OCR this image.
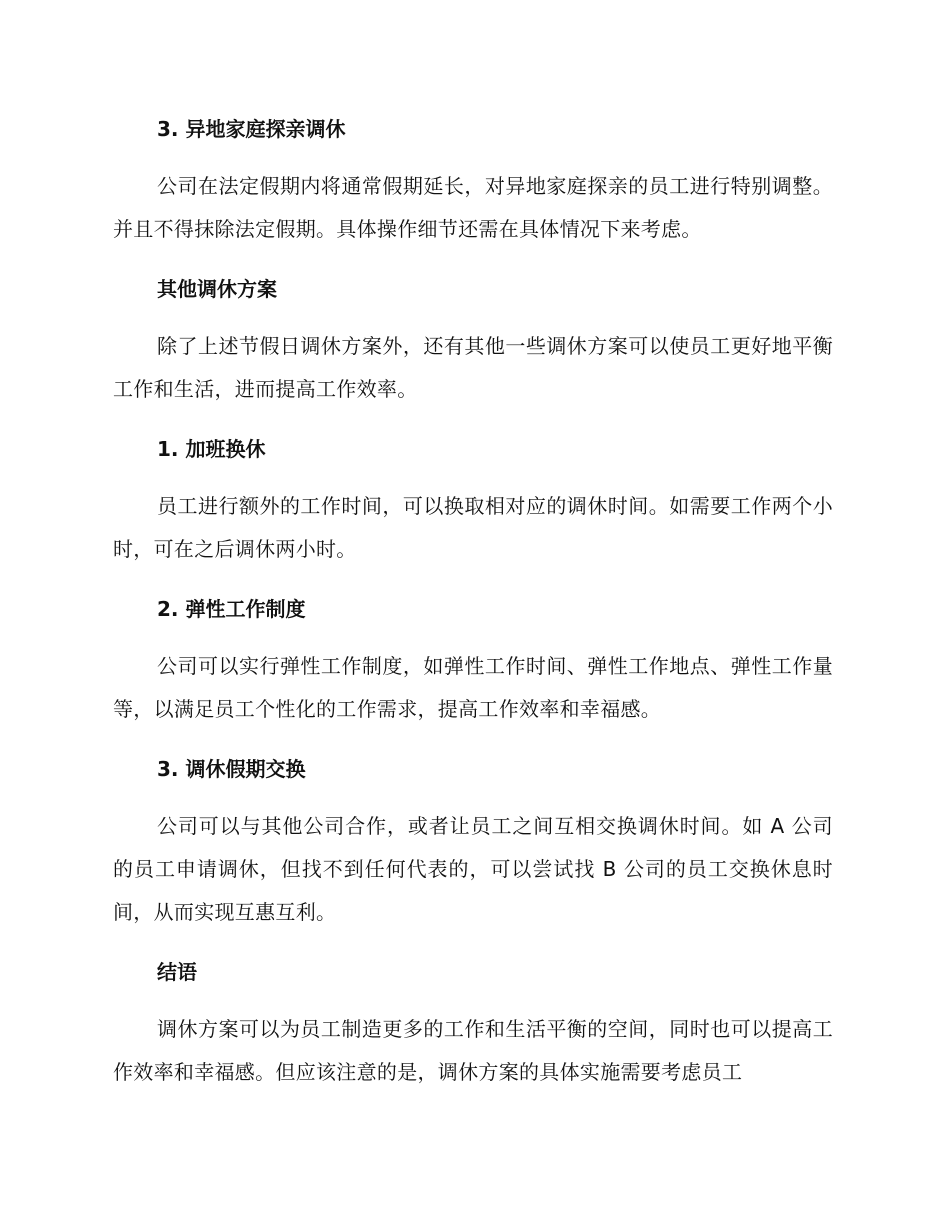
3. 异地家庭探亲调休

公司在法定假期内将通常假期延长，对异地家庭探亲的员工进行特别调整。并且不得抹除法定假期。具体操作细节还需在具体情况下来考虑。

其他调休方案

除了上述节假日调休方案外，还有其他一些调休方案可以使员工更好地平衡工作和生活，进而提高工作效率。

1. 加班换休

员工进行额外的工作时间，可以换取相对应的调休时间。如需要工作两个小时，可在之后调休两小时。

2. 弹性工作制度

公司可以实行弹性工作制度，如弹性工作时间、弹性工作地点、弹性工作量等，以满足员工个性化的工作需求，提高工作效率和幸福感。

3. 调休假期交换

公司可以与其他公司合作，或者让员工之间互相交换调休时间。如 A 公司的员工申请调休，但找不到任何代表的，可以尝试找 B 公司的员工交换休息时间，从而实现互惠互利。

结语

调休方案可以为员工制造更多的工作和生活平衡的空间，同时也可以提高工作效率和幸福感。但应该注意的是，调休方案的具体实施需要考虑员工
